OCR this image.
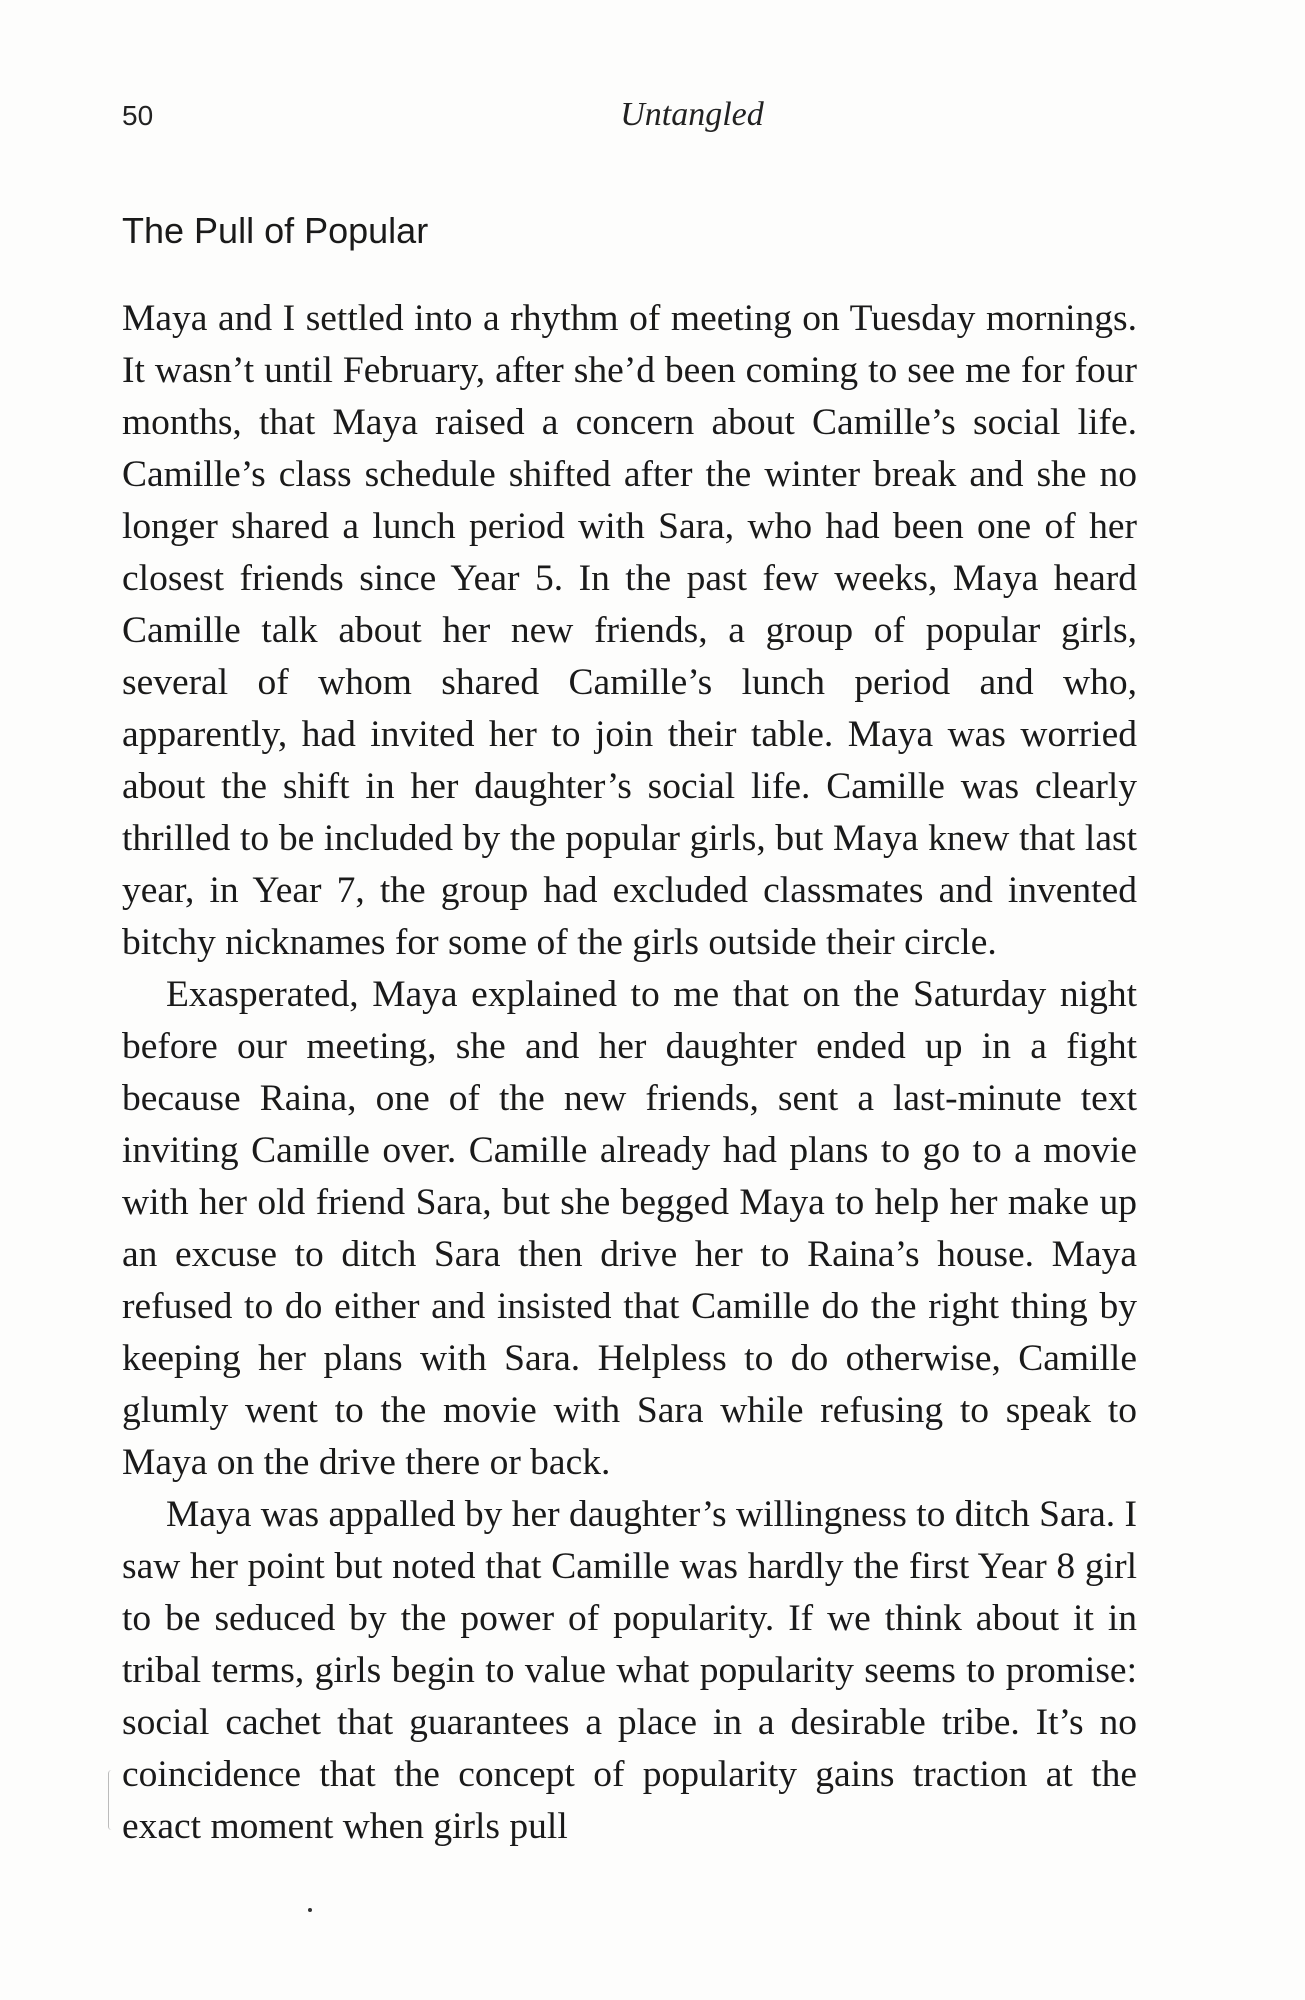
50	Untangled
The Pull of Popular

Maya and I settled into a rhythm of meeting on Tuesday mornings. It wasn’t until February, after she’d been coming to see me for four months, that Maya raised a concern about Camille’s social life. Camille’s class schedule shifted after the winter break and she no longer shared a lunch period with Sara, who had been one of her closest friends since Year 5. In the past few weeks, Maya heard Camille talk about her new friends, a group of popular girls, several of whom shared Camille’s lunch period and who, apparently, had invited her to join their table. Maya was worried about the shift in her daughter’s social life. Camille was clearly thrilled to be included by the popular girls, but Maya knew that last year, in Year 7, the group had excluded classmates and invented bitchy nicknames for some of the girls outside their circle.

Exasperated, Maya explained to me that on the Saturday night before our meeting, she and her daughter ended up in a fight because Raina, one of the new friends, sent a last-minute text inviting Camille over. Camille already had plans to go to a movie with her old friend Sara, but she begged Maya to help her make up an excuse to ditch Sara then drive her to Raina’s house. Maya refused to do either and insisted that Camille do the right thing by keeping her plans with Sara. Helpless to do otherwise, Camille glumly went to the movie with Sara while refusing to speak to Maya on the drive there or back.

Maya was appalled by her daughter’s willingness to ditch Sara. I saw her point but noted that Camille was hardly the first Year 8 girl to be seduced by the power of popularity. If we think about it in tribal terms, girls begin to value what popularity seems to promise: social cachet that guarantees a place in a desirable tribe. It’s no coincidence that the concept of popularity gains traction at the exact moment when girls pull
